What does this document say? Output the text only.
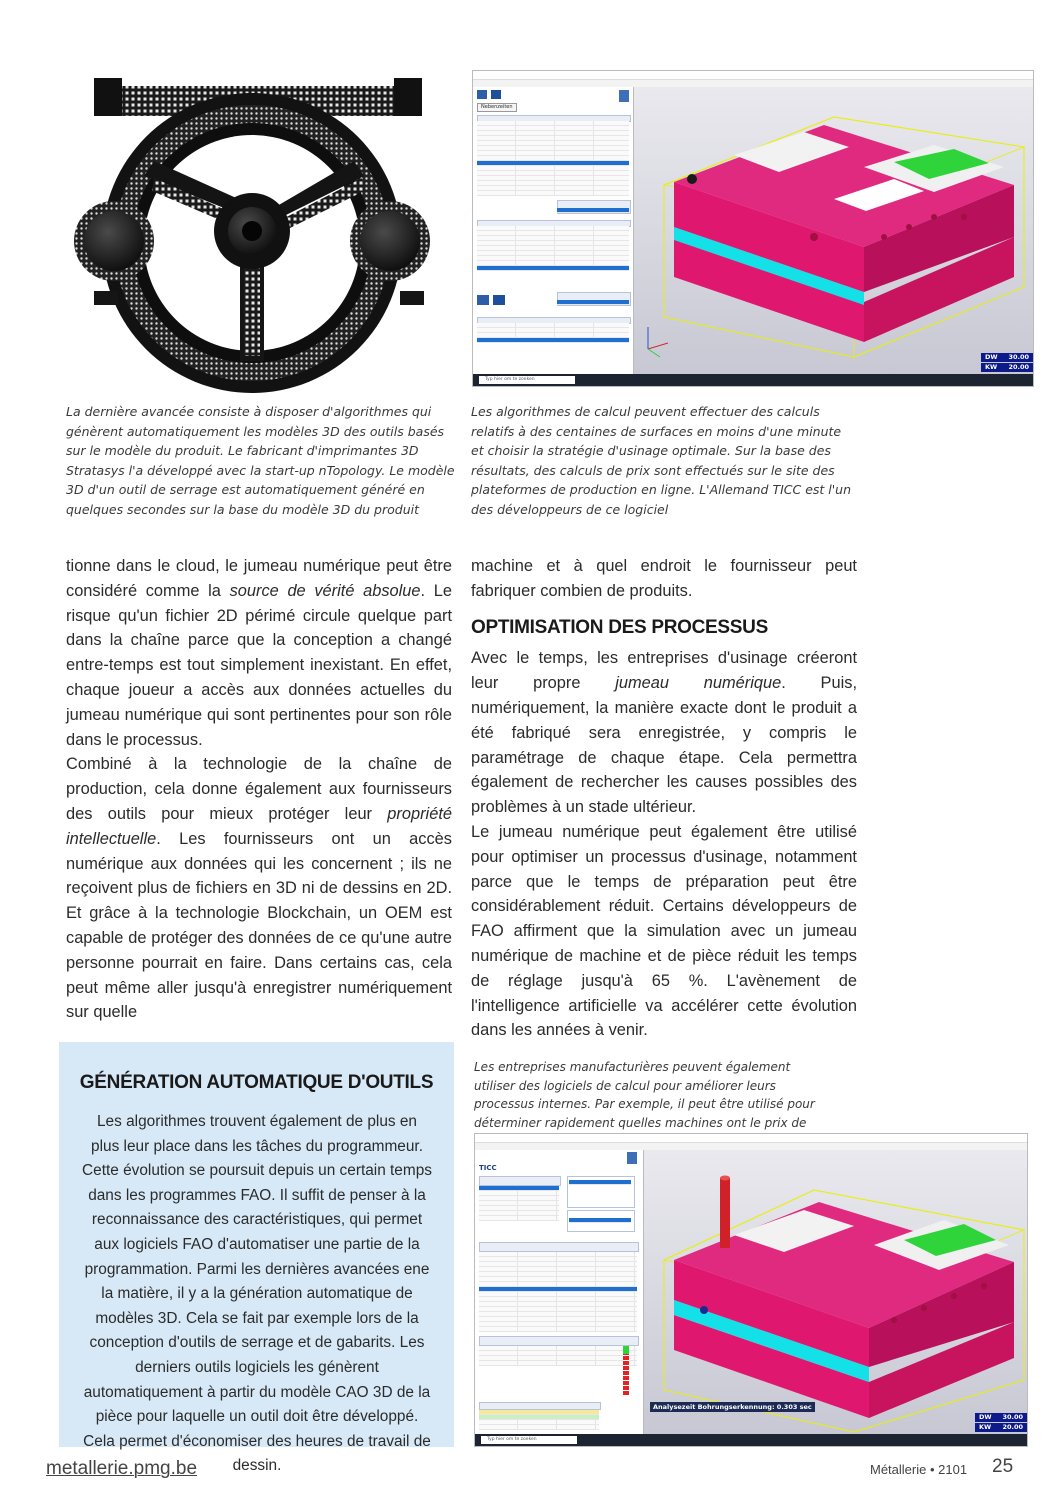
Nebenzeiten
DW 30.00
KW 20.00
Typ hier om te zoeken

La dernière avancée consiste à disposer d'algorithmes qui génèrent automatiquement les modèles 3D des outils basés sur le modèle du produit. Le fabricant d'imprimantes 3D Stratasys l'a développé avec la start-up nTopology. Le modèle 3D d'un outil de serrage est automatiquement généré en quelques secondes sur la base du modèle 3D du produit

Les algorithmes de calcul peuvent effectuer des calculs relatifs à des centaines de surfaces en moins d'une minute et choisir la stratégie d'usinage optimale. Sur la base des résultats, des calculs de prix sont effectués sur le site des plateformes de production en ligne. L'Allemand TICC est l'un des développeurs de ce logiciel

tionne dans le cloud, le jumeau numérique peut être considéré comme la source de vérité absolue. Le risque qu'un fichier 2D périmé circule quelque part dans la chaîne parce que la conception a changé entre-temps est tout simplement inexistant. En effet, chaque joueur a accès aux données actuelles du jumeau numérique qui sont pertinentes pour son rôle dans le processus.

Combiné à la technologie de la chaîne de production, cela donne également aux fournisseurs des outils pour mieux protéger leur propriété intellectuelle. Les fournisseurs ont un accès numérique aux données qui les concernent ; ils ne reçoivent plus de fichiers en 3D ni de dessins en 2D. Et grâce à la technologie Blockchain, un OEM est capable de protéger des données de ce qu'une autre personne pourrait en faire. Dans certains cas, cela peut même aller jusqu'à enregistrer numériquement sur quelle

machine et à quel endroit le fournisseur peut fabriquer combien de produits.

OPTIMISATION DES PROCESSUS

Avec le temps, les entreprises d'usinage créeront leur propre jumeau numérique. Puis, numériquement, la manière exacte dont le produit a été fabriqué sera enregistrée, y compris le paramétrage de chaque étape. Cela permettra également de rechercher les causes possibles des problèmes à un stade ultérieur.

Le jumeau numérique peut également être utilisé pour optimiser un processus d'usinage, notamment parce que le temps de préparation peut être considérablement réduit. Certains développeurs de FAO affirment que la simulation avec un jumeau numérique de machine et de pièce réduit les temps de réglage jusqu'à 65 %. L'avènement de l'intelligence artificielle va accélérer cette évolution dans les années à venir.

GÉNÉRATION AUTOMATIQUE D'OUTILS

Les algorithmes trouvent également de plus en plus leur place dans les tâches du programmeur. Cette évolution se poursuit depuis un certain temps dans les programmes FAO. Il suffit de penser à la reconnaissance des caractéristiques, qui permet aux logiciels FAO d'automatiser une partie de la programmation. Parmi les dernières avancées ene la matière, il y a la génération automatique de modèles 3D. Cela se fait par exemple lors de la conception d'outils de serrage et de gabarits. Les derniers outils logiciels les génèrent automatiquement à partir du modèle CAO 3D de la pièce pour laquelle un outil doit être développé. Cela permet d'économiser des heures de travail de dessin.

Les entreprises manufacturières peuvent également utiliser des logiciels de calcul pour améliorer leurs processus internes. Par exemple, il peut être utilisé pour déterminer rapidement quelles machines ont le prix de

TICC
Analysezeit Bohrungserkennung: 0.303 sec
DW 30.00
KW 20.00
Typ hier om te zoeken
metallerie.pmg.be	Métallerie • 2101 25
